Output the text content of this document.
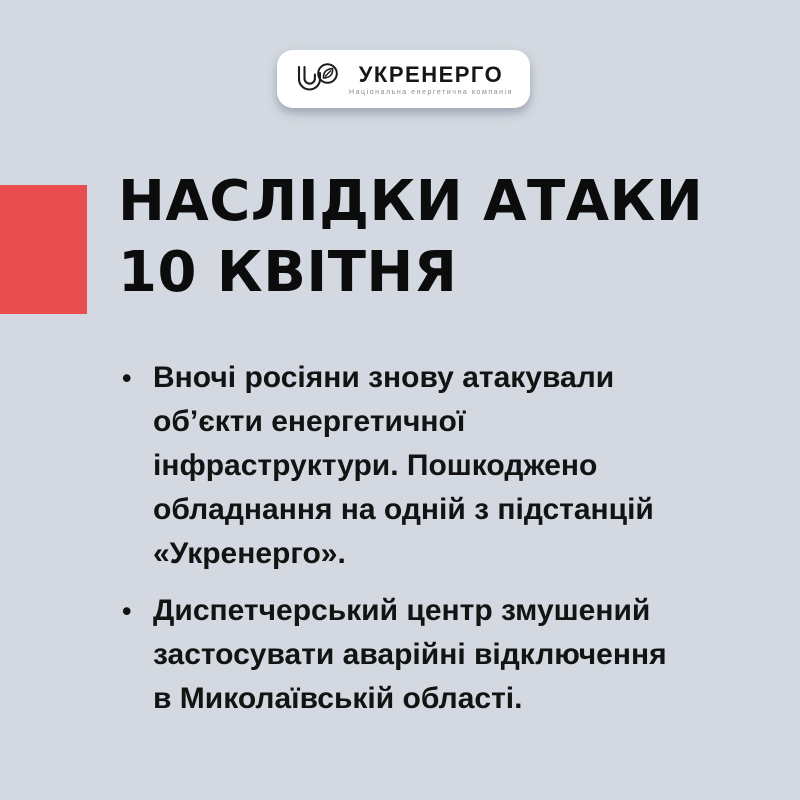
УКРЕНЕРГО
Національна енергетична компанія
НАСЛІДКИ АТАКИ
10 КВІТНЯ
• Вночі росіяни знову атакували
об’єкти енергетичної
інфраструктури. Пошкоджено
обладнання на одній з підстанцій
«Укренерго».
• Диспетчерський центр змушений
застосувати аварійні відключення
в Миколаївській області.
